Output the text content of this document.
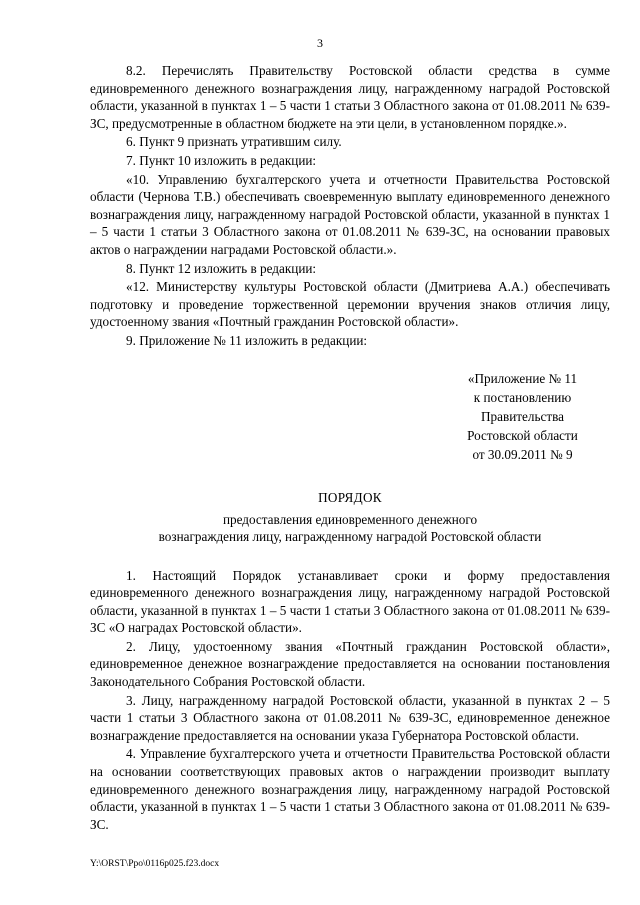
3

8.2. Перечислять Правительству Ростовской области средства в сумме единовременного денежного вознаграждения лицу, награжденному наградой Ростовской области, указанной в пунктах 1 – 5 части 1 статьи 3 Областного закона от 01.08.2011 № 639-ЗС, предусмотренные в областном бюджете на эти цели, в установленном порядке.».

6. Пункт 9 признать утратившим силу.

7. Пункт 10 изложить в редакции:

«10. Управлению бухгалтерского учета и отчетности Правительства Ростовской области (Чернова Т.В.) обеспечивать своевременную выплату единовременного денежного вознаграждения лицу, награжденному наградой Ростовской области, указанной в пунктах 1 – 5 части 1 статьи 3 Областного закона от 01.08.2011 № 639-ЗС, на основании правовых актов о награждении наградами Ростовской области.».

8. Пункт 12 изложить в редакции:

«12. Министерству культуры Ростовской области (Дмитриева А.А.) обеспечивать подготовку и проведение торжественной церемонии вручения знаков отличия лицу, удостоенному звания «Почтный гражданин Ростовской области».

9. Приложение № 11 изложить в редакции:

«Приложение № 11
к постановлению
Правительства
Ростовской области
от 30.09.2011 № 9
ПОРЯДОК
предоставления единовременного денежного
вознаграждения лицу, награжденному наградой Ростовской области

1. Настоящий Порядок устанавливает сроки и форму предоставления единовременного денежного вознаграждения лицу, награжденному наградой Ростовской области, указанной в пунктах 1 – 5 части 1 статьи 3 Областного закона от 01.08.2011 № 639-ЗС «О наградах Ростовской области».

2. Лицу, удостоенному звания «Почтный гражданин Ростовской области», единовременное денежное вознаграждение предоставляется на основании постановления Законодательного Собрания Ростовской области.

3. Лицу, награжденному наградой Ростовской области, указанной в пунктах 2 – 5 части 1 статьи 3 Областного закона от 01.08.2011 № 639-ЗС, единовременное денежное вознаграждение предоставляется на основании указа Губернатора Ростовской области.

4. Управление бухгалтерского учета и отчетности Правительства Ростовской области на основании соответствующих правовых актов о награждении производит выплату единовременного денежного вознаграждения лицу, награжденному наградой Ростовской области, указанной в пунктах 1 – 5 части 1 статьи 3 Областного закона от 01.08.2011 № 639-ЗС.

Y:\ORST\Ppo\0116p025.f23.docx
